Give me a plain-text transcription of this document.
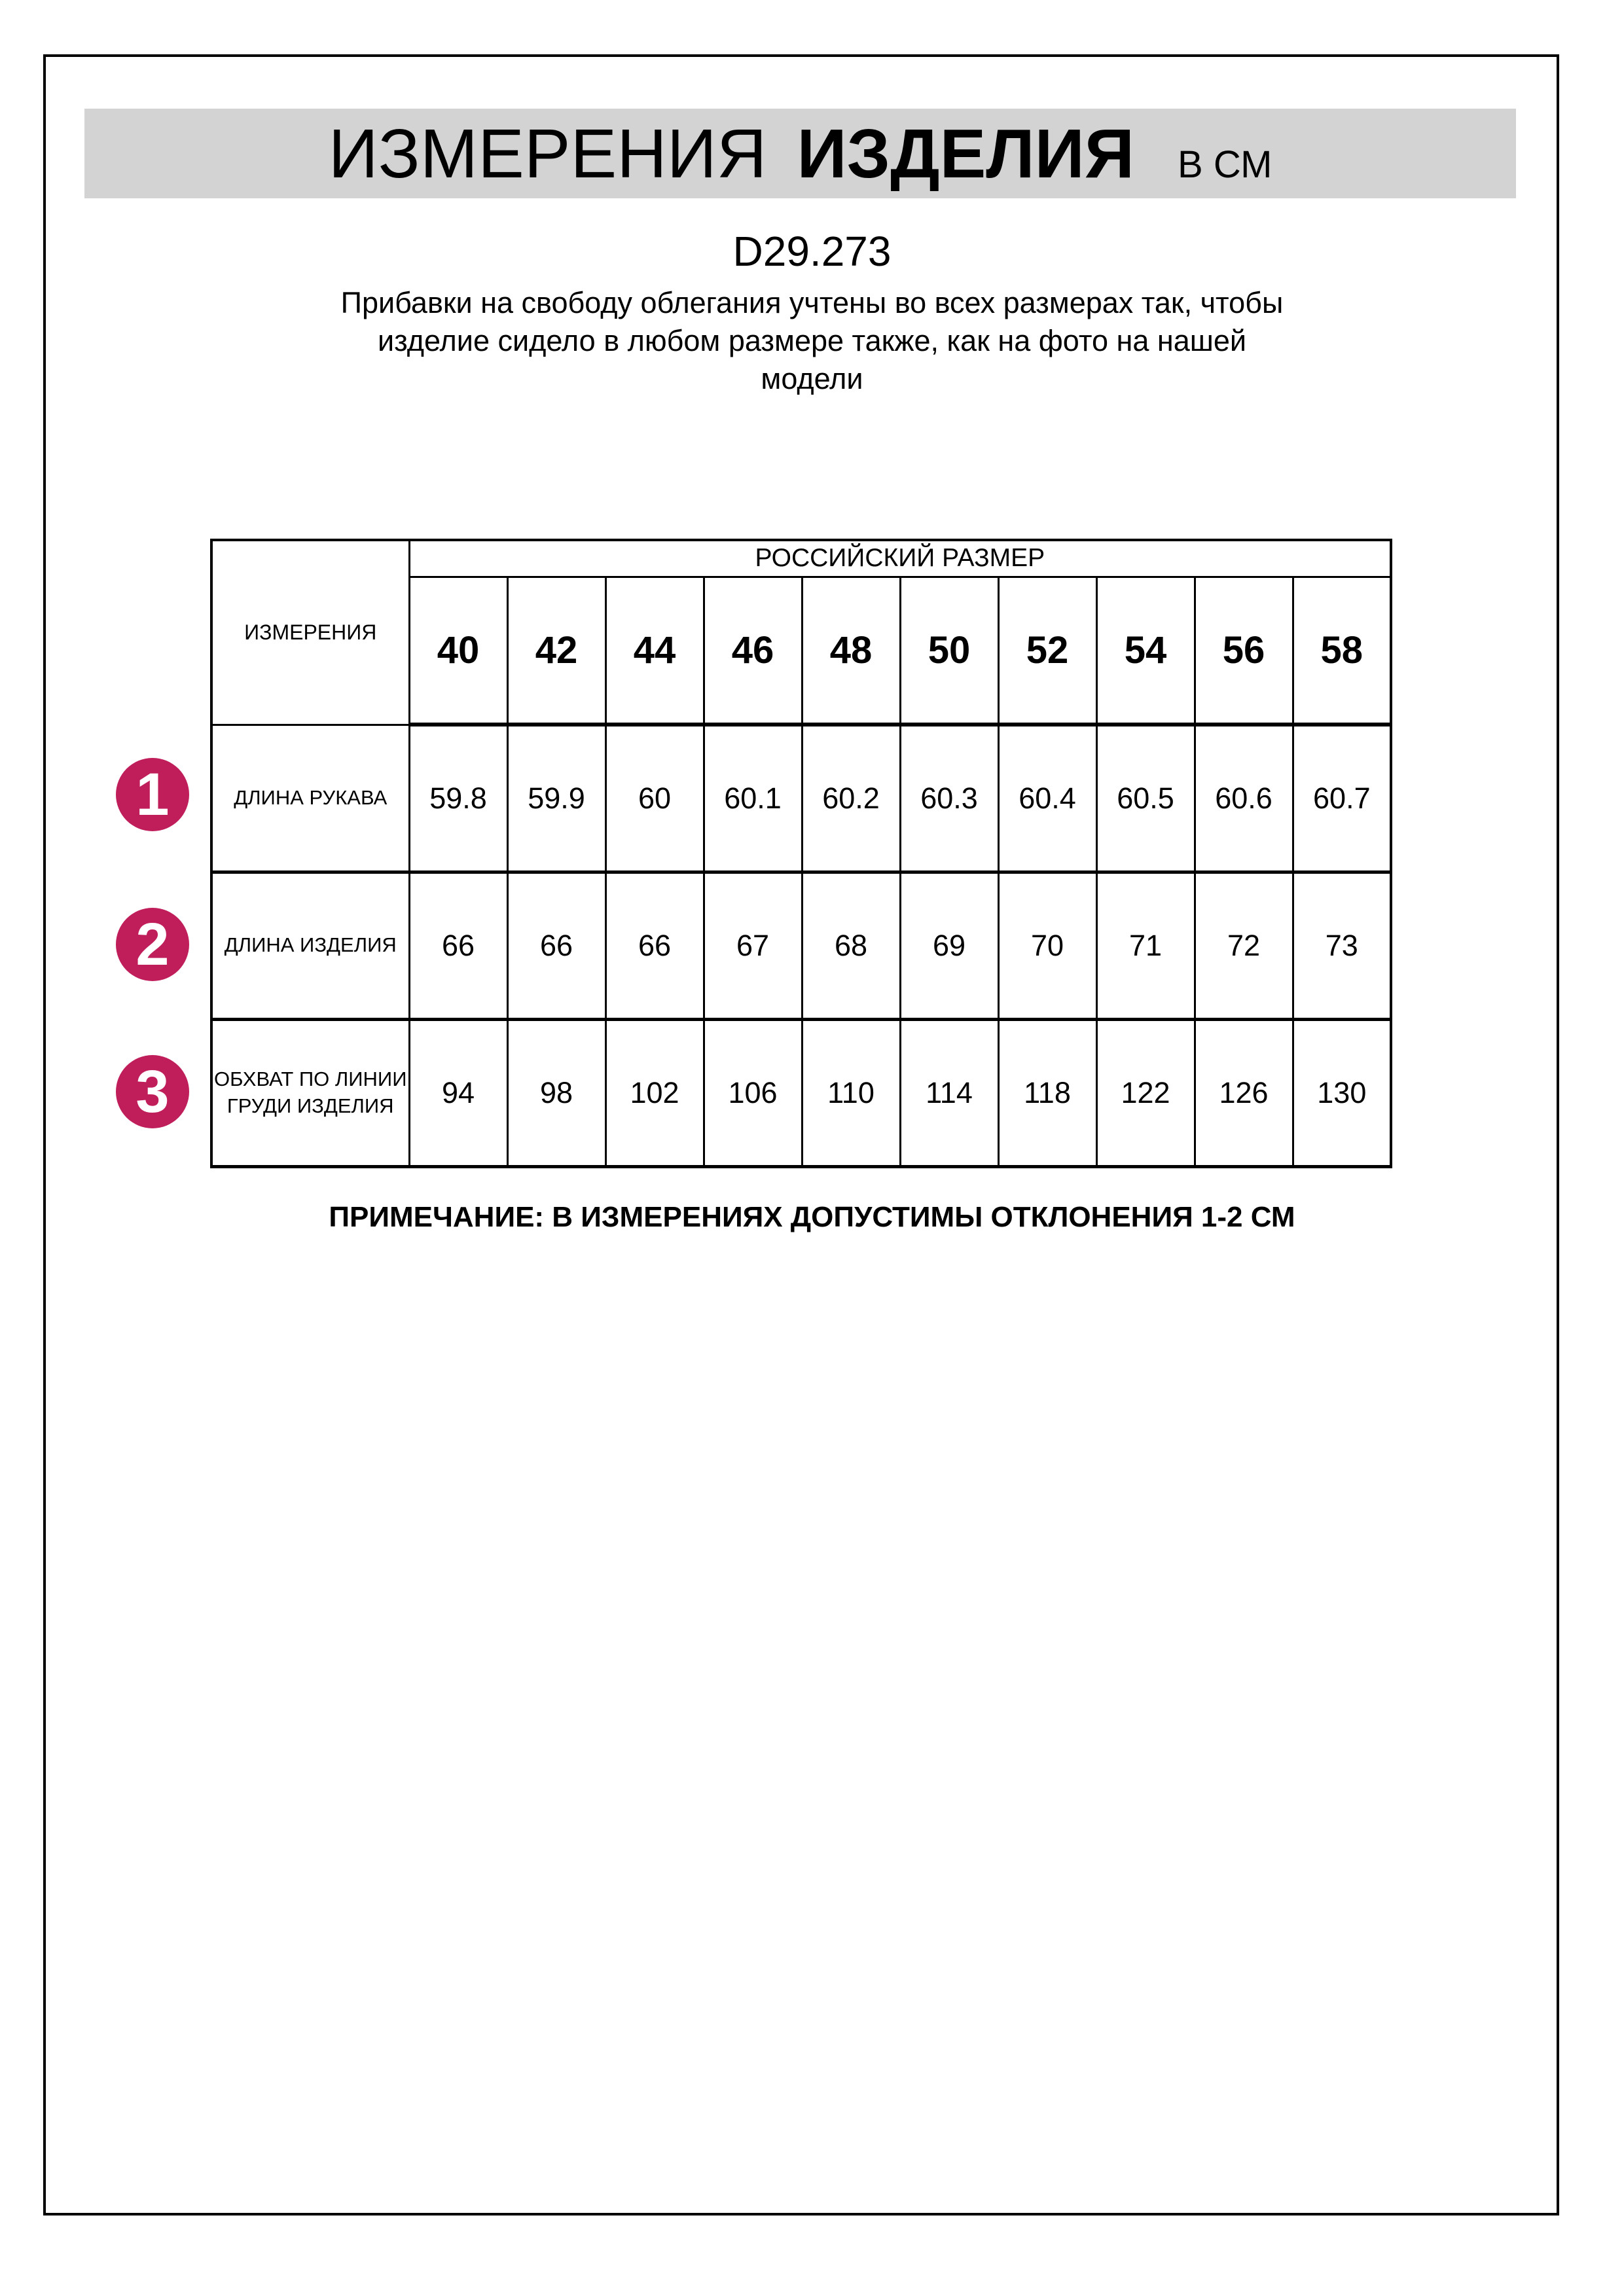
ИЗМЕРЕНИЯ ИЗДЕЛИЯ В СМ
D29.273
Прибавки на свободу облегания учтены во всех размерах так, чтобы
изделие сидело в любом размере также, как на фото на нашей
модели
1
2
3
ИЗМЕРЕНИЯ	РОССИЙСКИЙ РАЗМЕР									
	40	42	44	46	48	50	52	54	56	58
ДЛИНА РУКАВА	59.8	59.9	60	60.1	60.2	60.3	60.4	60.5	60.6	60.7
ДЛИНА ИЗДЕЛИЯ	66	66	66	67	68	69	70	71	72	73
ОБХВАТ ПО ЛИНИИ ГРУДИ ИЗДЕЛИЯ	94	98	102	106	110	114	118	122	126	130
ПРИМЕЧАНИЕ: В ИЗМЕРЕНИЯХ ДОПУСТИМЫ ОТКЛОНЕНИЯ 1-2 СМ
